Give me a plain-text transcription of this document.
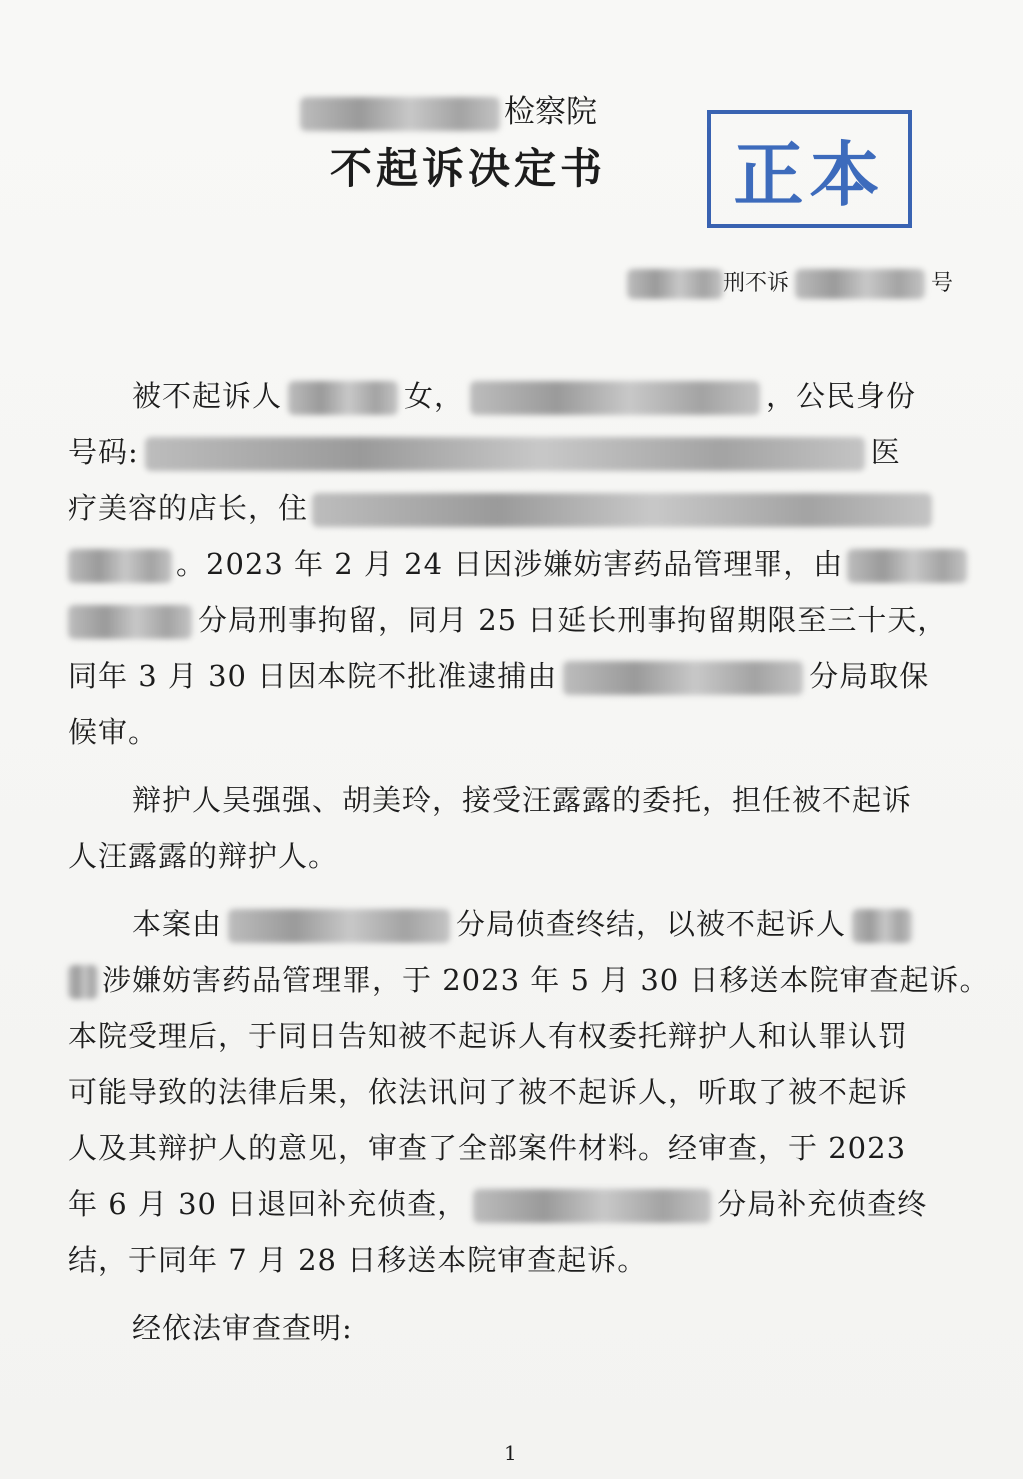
检察院
不起诉决定书	正本
刑不诉	号
被不起诉人	女，	，公民身份
号码:	医
疗美容的店长，住
。2023 年 2 月 24 日因涉嫌妨害药品管理罪，由
分局刑事拘留，同月 25 日延长刑事拘留期限至三十天，
同年 3 月 30 日因本院不批准逮捕由	分局取保
候审。
辩护人吴强强、胡美玲，接受汪露露的委托，担任被不起诉
人汪露露的辩护人。
本案由	分局侦查终结，以被不起诉人
涉嫌妨害药品管理罪，于 2023 年 5 月 30 日移送本院审查起诉。
本院受理后，于同日告知被不起诉人有权委托辩护人和认罪认罚
可能导致的法律后果，依法讯问了被不起诉人，听取了被不起诉
人及其辩护人的意见，审查了全部案件材料。经审查，于 2023
年 6 月 30 日退回补充侦查，	分局补充侦查终
结，于同年 7 月 28 日移送本院审查起诉。
经依法审查查明:
1
